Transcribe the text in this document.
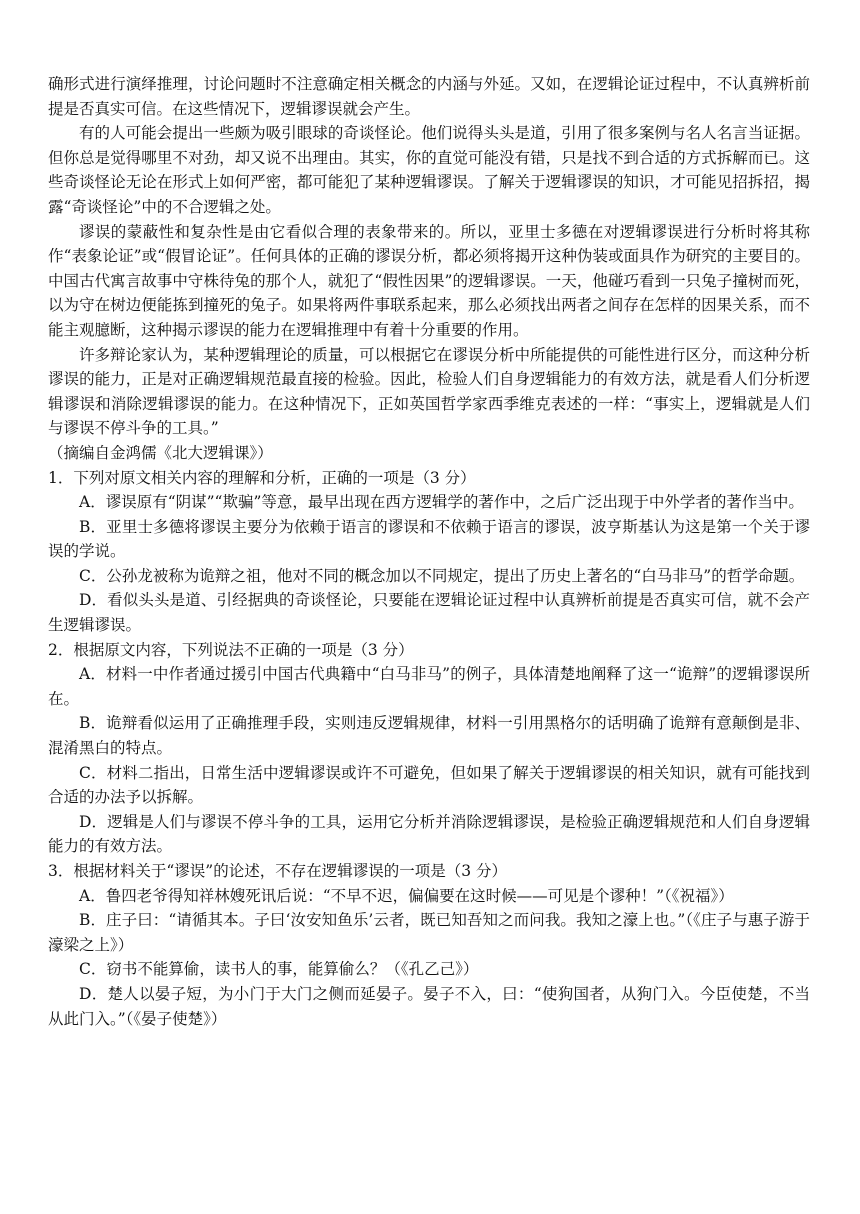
确形式进行演绎推理，讨论问题时不注意确定相关概念的内涵与外延。又如，在逻辑论证过程中，不认真辨析前提是否真实可信。在这些情况下，逻辑谬误就会产生。

有的人可能会提出一些颇为吸引眼球的奇谈怪论。他们说得头头是道，引用了很多案例与名人名言当证据。但你总是觉得哪里不对劲，却又说不出理由。其实，你的直觉可能没有错，只是找不到合适的方式拆解而已。这些奇谈怪论无论在形式上如何严密，都可能犯了某种逻辑谬误。了解关于逻辑谬误的知识，才可能见招拆招，揭露“奇谈怪论”中的不合逻辑之处。

谬误的蒙蔽性和复杂性是由它看似合理的表象带来的。所以，亚里士多德在对逻辑谬误进行分析时将其称作“表象论证”或“假冒论证”。任何具体的正确的谬误分析，都必须将揭开这种伪装或面具作为研究的主要目的。中国古代寓言故事中守株待兔的那个人，就犯了“假性因果”的逻辑谬误。一天，他碰巧看到一只兔子撞树而死，以为守在树边便能拣到撞死的兔子。如果将两件事联系起来，那么必须找出两者之间存在怎样的因果关系，而不能主观臆断，这种揭示谬误的能力在逻辑推理中有着十分重要的作用。

许多辩论家认为，某种逻辑理论的质量，可以根据它在谬误分析中所能提供的可能性进行区分，而这种分析谬误的能力，正是对正确逻辑规范最直接的检验。因此，检验人们自身逻辑能力的有效方法，就是看人们分析逻辑谬误和消除逻辑谬误的能力。在这种情况下，正如英国哲学家西季维克表述的一样：“事实上，逻辑就是人们与谬误不停斗争的工具。”

（摘编自金鸿儒《北大逻辑课》）

1．下列对原文相关内容的理解和分析，正确的一项是（3 分）

A．谬误原有“阴谋”“欺骗”等意，最早出现在西方逻辑学的著作中，之后广泛出现于中外学者的著作当中。

B．亚里士多德将谬误主要分为依赖于语言的谬误和不依赖于语言的谬误，波亨斯基认为这是第一个关于谬误的学说。

C．公孙龙被称为诡辩之祖，他对不同的概念加以不同规定，提出了历史上著名的“白马非马”的哲学命题。

D．看似头头是道、引经据典的奇谈怪论，只要能在逻辑论证过程中认真辨析前提是否真实可信，就不会产生逻辑谬误。

2．根据原文内容，下列说法不正确的一项是（3 分）

A．材料一中作者通过援引中国古代典籍中“白马非马”的例子，具体清楚地阐释了这一“诡辩”的逻辑谬误所在。

B．诡辩看似运用了正确推理手段，实则违反逻辑规律，材料一引用黑格尔的话明确了诡辩有意颠倒是非、混淆黑白的特点。

C．材料二指出，日常生活中逻辑谬误或许不可避免，但如果了解关于逻辑谬误的相关知识，就有可能找到合适的办法予以拆解。

D．逻辑是人们与谬误不停斗争的工具，运用它分析并消除逻辑谬误，是检验正确逻辑规范和人们自身逻辑能力的有效方法。

3．根据材料关于“谬误”的论述，不存在逻辑谬误的一项是（3 分）

A．鲁四老爷得知祥林嫂死讯后说：“不早不迟，偏偏要在这时候——可见是个谬种！”（《祝福》）

B．庄子曰：“请循其本。子曰‘汝安知鱼乐’云者，既已知吾知之而问我。我知之濠上也。”（《庄子与惠子游于濠梁之上》）

C．窃书不能算偷，读书人的事，能算偷么？（《孔乙己》）

D．楚人以晏子短，为小门于大门之侧而延晏子。晏子不入，曰：“使狗国者，从狗门入。今臣使楚，不当从此门入。”（《晏子使楚》）
